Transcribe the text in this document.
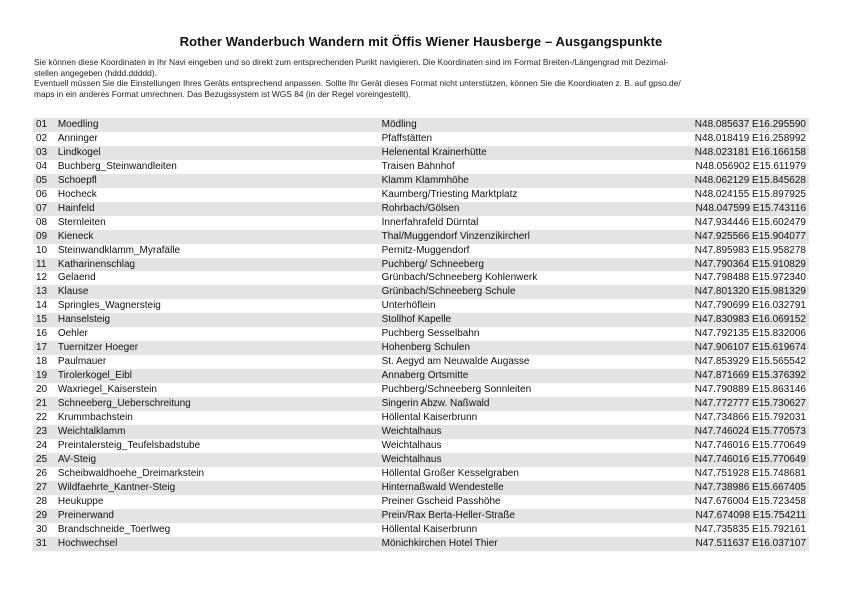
Rother Wanderbuch Wandern mit Öffis Wiener Hausberge – Ausgangspunkte

Sie können diese Koordinaten in Ihr Navi eingeben und so direkt zum entsprechenden Punkt navigieren. Die Koordinaten sind im Format Breiten-/Längengrad mit Dezimal-

stellen angegeben (hddd.ddddd).

Eventuell müssen Sie die Einstellungen Ihres Geräts entsprechend anpassen. Sollte Ihr Gerät dieses Format nicht unterstützen, können Sie die Koordinaten z. B. auf gpso.de/

maps in ein anderes Format umrechnen. Das Bezugssystem ist WGS 84 (in der Regel voreingestellt).

01	Moedling	Mödling	N48.085637 E16.295590
02	Anninger	Pfaffstätten	N48.018419 E16.258992
03	Lindkogel	Helenental Krainerhütte	N48.023181 E16.166158
04	Buchberg_Steinwandleiten	Traisen Bahnhof	N48.056902 E15.611979
05	Schoepfl	Klamm Klammhöhe	N48.062129 E15.845628
06	Hocheck	Kaumberg/Triesting Marktplatz	N48.024155 E15.897925
07	Hainfeld	Rohrbach/Gölsen	N48.047599 E15.743116
08	Sternleiten	Innerfahrafeld Dürntal	N47.934446 E15.602479
09	Kieneck	Thal/Muggendorf Vinzenzikircherl	N47.925566 E15.904077
10	Steinwandklamm_Myrafälle	Pernitz-Muggendorf	N47.895983 E15.958278
11	Katharinenschlag	Puchberg/ Schneeberg	N47.790364 E15.910829
12	Gelaend	Grünbach/Schneeberg Kohlenwerk	N47.798488 E15.972340
13	Klause	Grünbach/Schneeberg Schule	N47.801320 E15.981329
14	Springles_Wagnersteig	Unterhöflein	N47.790699 E16.032791
15	Hanselsteig	Stollhof Kapelle	N47.830983 E16.069152
16	Oehler	Puchberg Sesselbahn	N47.792135 E15.832006
17	Tuernitzer Hoeger	Hohenberg Schulen	N47.906107 E15.619674
18	Paulmauer	St. Aegyd am Neuwalde Augasse	N47.853929 E15.565542
19	Tirolerkogel_Eibl	Annaberg Ortsmitte	N47.871669 E15.376392
20	Waxriegel_Kaiserstein	Puchberg/Schneeberg Sonnleiten	N47.790889 E15.863146
21	Schneeberg_Ueberschreitung	Singerin Abzw. Naßwald	N47.772777 E15.730627
22	Krummbachstein	Höllental Kaiserbrunn	N47.734866 E15.792031
23	Weichtalklamm	Weichtalhaus	N47.746024 E15.770573
24	Preintalersteig_Teufelsbadstube	Weichtalhaus	N47.746016 E15.770649
25	AV-Steig	Weichtalhaus	N47.746016 E15.770649
26	Scheibwaldhoehe_Dreimarkstein	Höllental Großer Kesselgraben	N47.751928 E15.748681
27	Wildfaehrte_Kantner-Steig	Hinternaßwald Wendestelle	N47.738986 E15.667405
28	Heukuppe	Preiner Gscheid Passhöhe	N47.676004 E15.723458
29	Preinerwand	Prein/Rax Berta-Heller-Straße	N47.674098 E15.754211
30	Brandschneide_Toerlweg	Höllental Kaiserbrunn	N47.735835 E15.792161
31	Hochwechsel	Mönichkirchen Hotel Thier	N47.511637 E16.037107
